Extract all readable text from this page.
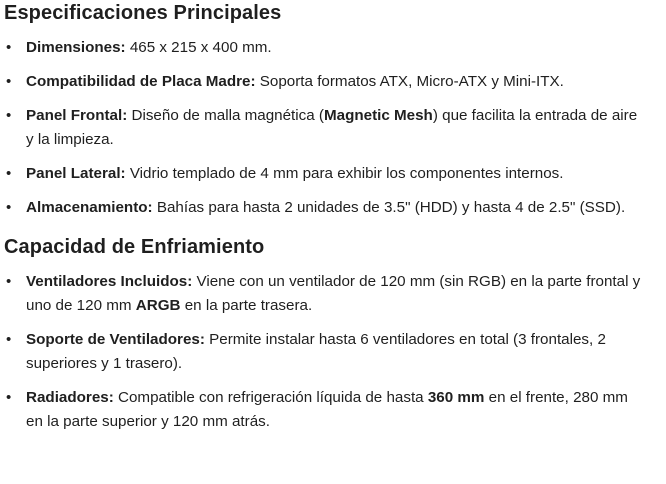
Especificaciones Principales
• Dimensiones: 465 x 215 x 400 mm.
• Compatibilidad de Placa Madre: Soporta formatos ATX, Micro-ATX y Mini-ITX.
• Panel Frontal: Diseño de malla magnética (Magnetic Mesh) que facilita la entrada de aire y la limpieza.
• Panel Lateral: Vidrio templado de 4 mm para exhibir los componentes internos.
• Almacenamiento: Bahías para hasta 2 unidades de 3.5" (HDD) y hasta 4 de 2.5" (SSD).
Capacidad de Enfriamiento
• Ventiladores Incluidos: Viene con un ventilador de 120 mm (sin RGB) en la parte frontal y uno de 120 mm ARGB en la parte trasera.
• Soporte de Ventiladores: Permite instalar hasta 6 ventiladores en total (3 frontales, 2 superiores y 1 trasero).
• Radiadores: Compatible con refrigeración líquida de hasta 360 mm en el frente, 280 mm en la parte superior y 120 mm atrás.
